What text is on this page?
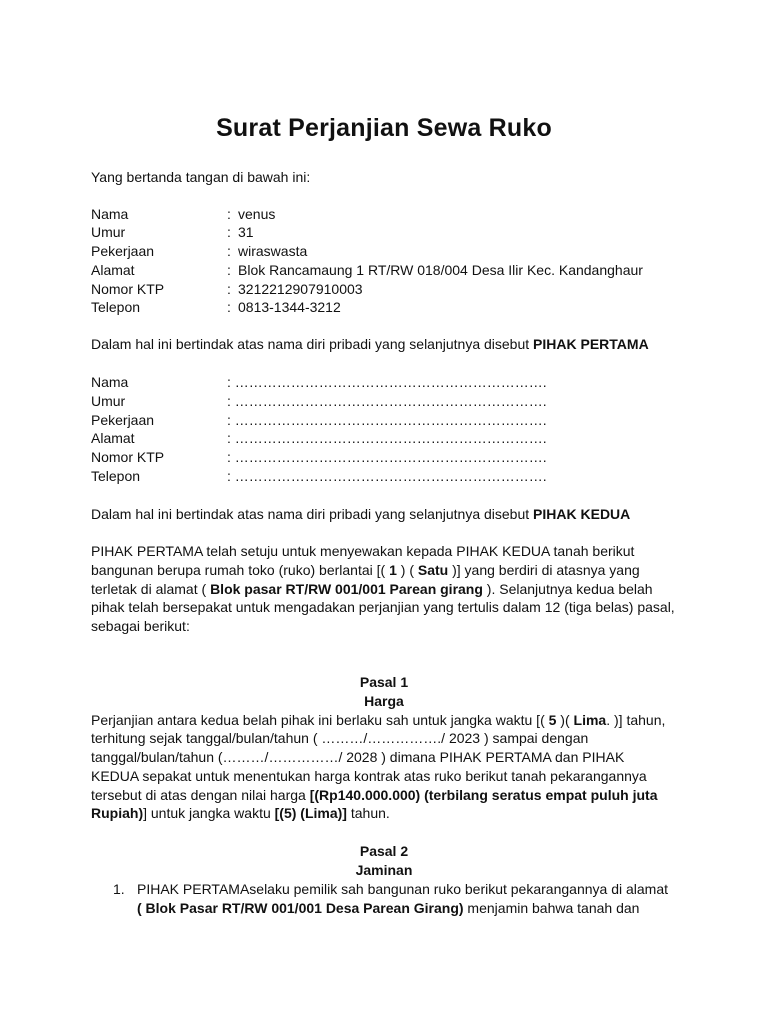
Surat Perjanjian Sewa Ruko
Yang bertanda tangan di bawah ini:
Nama	: venus
Umur	: 31
Pekerjaan	: wiraswasta
Alamat	: Blok Rancamaung 1 RT/RW 018/004 Desa Ilir Kec. Kandanghaur
Nomor KTP	: 3212212907910003
Telepon	: 0813-1344-3212
Dalam hal ini bertindak atas nama diri pribadi yang selanjutnya disebut PIHAK PERTAMA
Nama	: ………………………………………………………….
Umur	: ………………………………………………………….
Pekerjaan	: ………………………………………………………….
Alamat	: ………………………………………………………….
Nomor KTP	: ………………………………………………………….
Telepon	: ………………………………………………………….
Dalam hal ini bertindak atas nama diri pribadi yang selanjutnya disebut PIHAK KEDUA
PIHAK PERTAMA telah setuju untuk menyewakan kepada PIHAK KEDUA tanah berikut
bangunan berupa rumah toko (ruko) berlantai [( 1 ) ( Satu )] yang berdiri di atasnya yang
terletak di alamat ( Blok pasar RT/RW 001/001 Parean girang ). Selanjutnya kedua belah
pihak telah bersepakat untuk mengadakan perjanjian yang tertulis dalam 12 (tiga belas) pasal,
sebagai berikut:
Pasal 1
Harga
Perjanjian antara kedua belah pihak ini berlaku sah untuk jangka waktu [( 5 )( Lima. )] tahun,
terhitung sejak tanggal/bulan/tahun ( ………/……………./ 2023 ) sampai dengan
tanggal/bulan/tahun (………/……………/ 2028 ) dimana PIHAK PERTAMA dan PIHAK
KEDUA sepakat untuk menentukan harga kontrak atas ruko berikut tanah pekarangannya
tersebut di atas dengan nilai harga [(Rp140.000.000) (terbilang seratus empat puluh juta
Rupiah)] untuk jangka waktu [(5) (Lima)] tahun.
Pasal 2
Jaminan
1. PIHAK PERTAMAselaku pemilik sah bangunan ruko berikut pekarangannya di alamat
( Blok Pasar RT/RW 001/001 Desa Parean Girang) menjamin bahwa tanah dan
